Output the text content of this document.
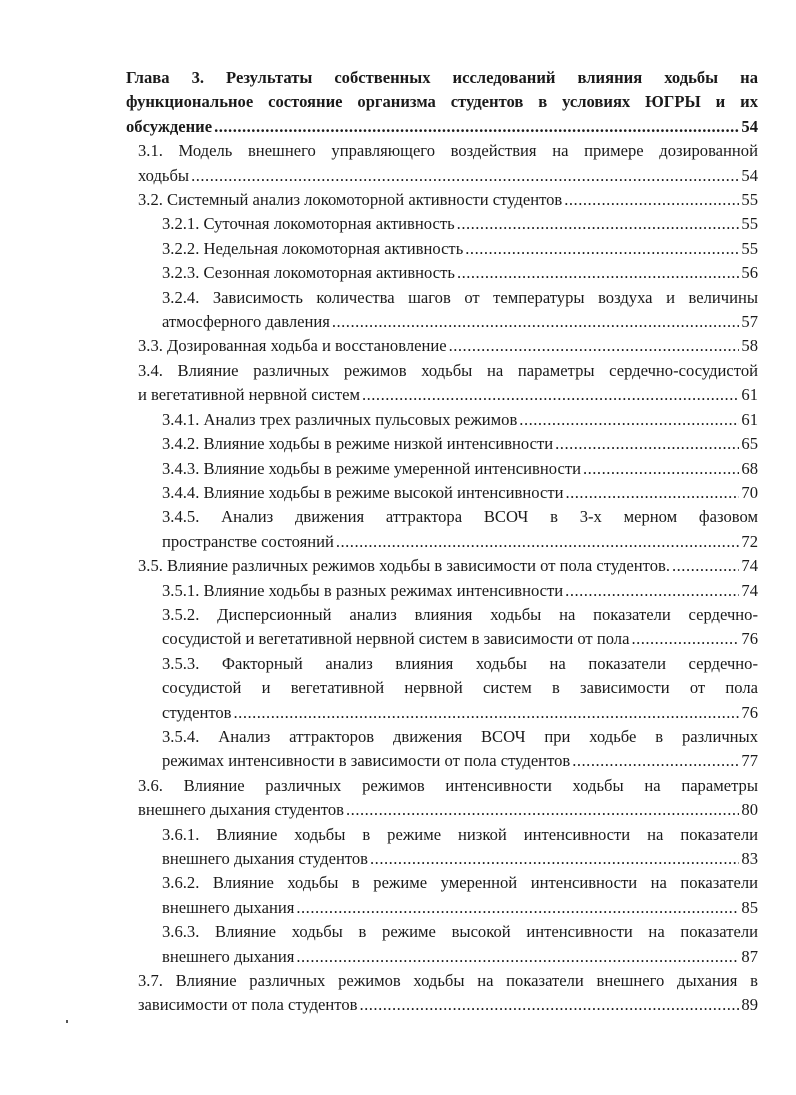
Глава 3. Результаты собственных исследований влияния ходьбы на
функциональное состояние организма студентов в условиях ЮГРЫ и их
обсуждение .....	54
3.1. Модель внешнего управляющего воздействия на примере дозированной
ходьбы .....	54
3.2. Системный анализ локомоторной активности студентов .....	55
3.2.1. Суточная локомоторная активность .....	55
3.2.2. Недельная локомоторная активность .....	55
3.2.3. Сезонная локомоторная активность .....	56
3.2.4. Зависимость количества шагов от температуры воздуха и величины
атмосферного давления .....	57
3.3. Дозированная ходьба и восстановление .....	58
3.4. Влияние различных режимов ходьбы на параметры сердечно-сосудистой
и вегетативной нервной систем .....	61
3.4.1. Анализ трех различных пульсовых режимов .....	61
3.4.2. Влияние ходьбы в режиме низкой интенсивности .....	65
3.4.3. Влияние ходьбы в режиме умеренной интенсивности .....	68
3.4.4. Влияние ходьбы в режиме высокой интенсивности .....	70
3.4.5. Анализ движения аттрактора ВСОЧ в 3-х мерном фазовом
пространстве состояний .....	72
3.5. Влияние различных режимов ходьбы в зависимости от пола студентов. .....	74
3.5.1. Влияние ходьбы в разных режимах интенсивности .....	74
3.5.2. Дисперсионный анализ влияния ходьбы на показатели сердечно-
сосудистой и вегетативной нервной систем в зависимости от пола .....	76
3.5.3. Факторный анализ влияния ходьбы на показатели сердечно-
сосудистой и вегетативной нервной систем в зависимости от пола
студентов .....	76
3.5.4. Анализ аттракторов движения ВСОЧ при ходьбе в различных
режимах интенсивности в зависимости от пола студентов .....	77
3.6. Влияние различных режимов интенсивности ходьбы на параметры
внешнего дыхания студентов .....	80
3.6.1. Влияние ходьбы в режиме низкой интенсивности на показатели
внешнего дыхания студентов .....	83
3.6.2. Влияние ходьбы в режиме умеренной интенсивности на показатели
внешнего дыхания .....	85
3.6.3. Влияние ходьбы в режиме высокой интенсивности на показатели
внешнего дыхания .....	87
3.7. Влияние различных режимов ходьбы на показатели внешнего дыхания в
зависимости от пола студентов .....	89
